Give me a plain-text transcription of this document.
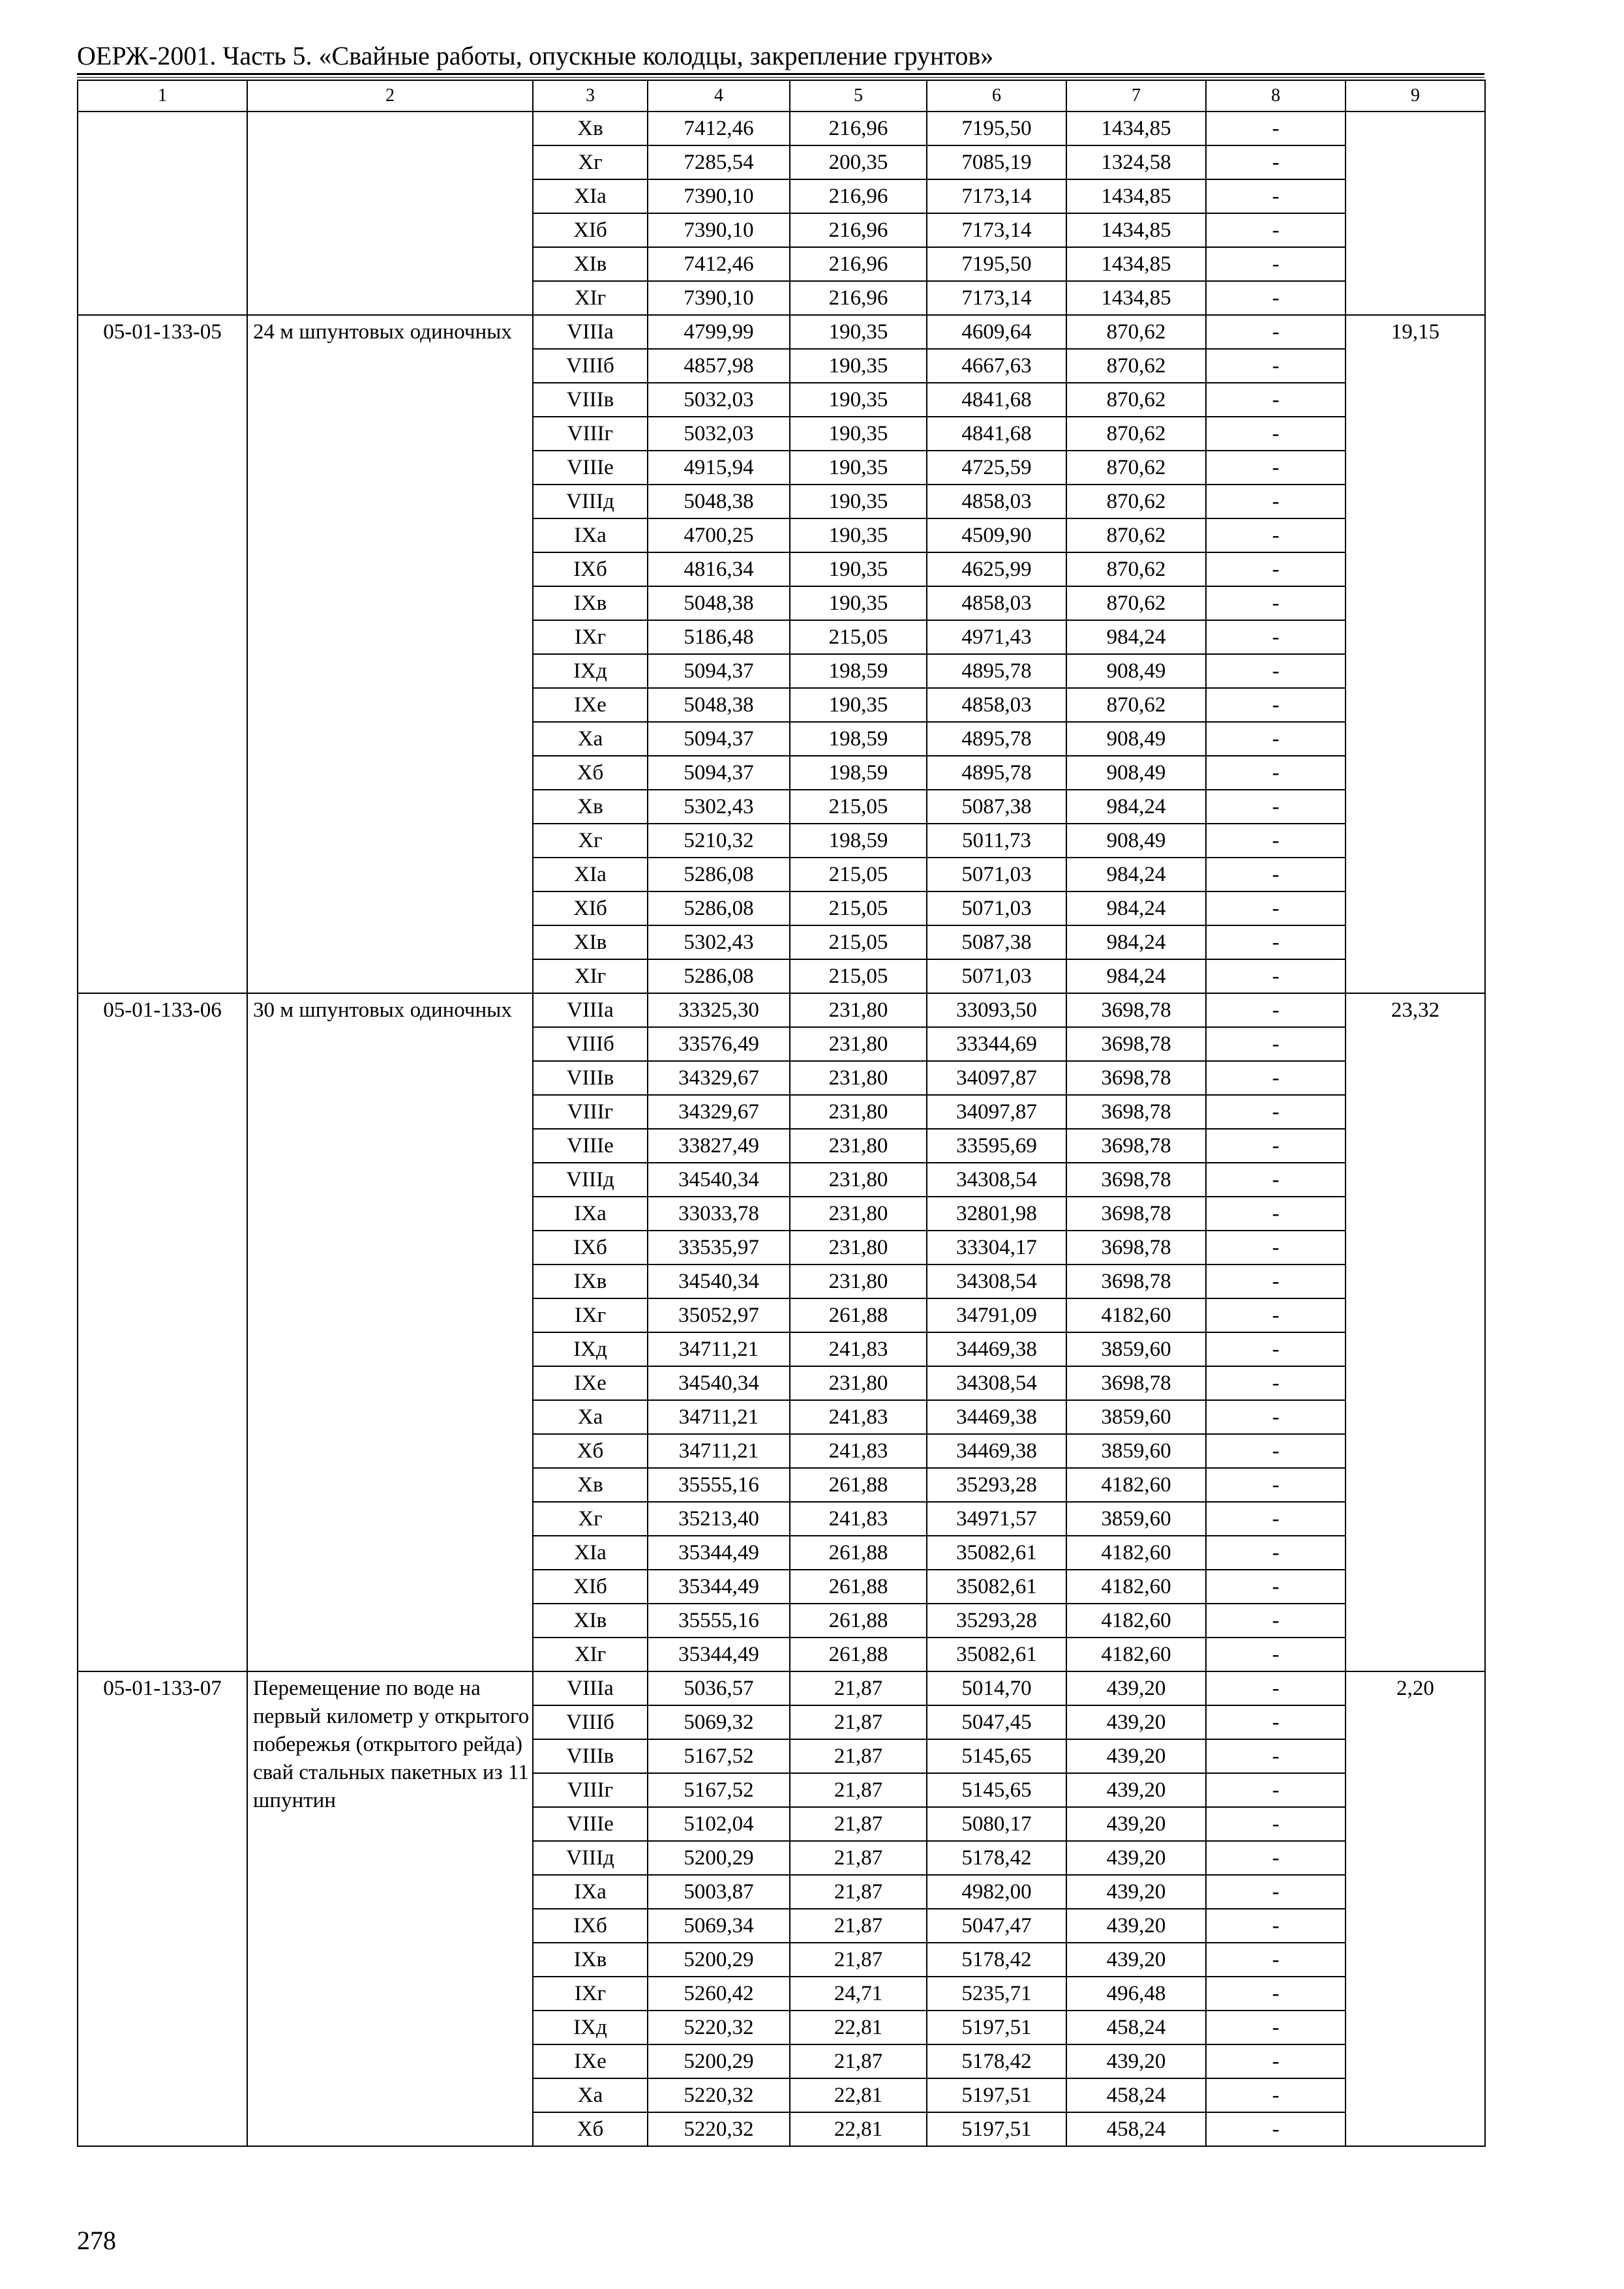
ОЕРЖ-2001. Часть 5. «Свайные работы, опускные колодцы, закрепление грунтов»
1	2	3	4	5	6	7	8	9
		Хв	7412,46	216,96	7195,50	1434,85	-	
		Хг	7285,54	200,35	7085,19	1324,58	-	
		XIа	7390,10	216,96	7173,14	1434,85	-	
		XIб	7390,10	216,96	7173,14	1434,85	-	
		XIв	7412,46	216,96	7195,50	1434,85	-	
		XIг	7390,10	216,96	7173,14	1434,85	-	
05-01-133-05	24 м шпунтовых одиночных	VIIIа	4799,99	190,35	4609,64	870,62	-	19,15
		VIIIб	4857,98	190,35	4667,63	870,62	-	
		VIIIв	5032,03	190,35	4841,68	870,62	-	
		VIIIг	5032,03	190,35	4841,68	870,62	-	
		VIIIе	4915,94	190,35	4725,59	870,62	-	
		VIIIд	5048,38	190,35	4858,03	870,62	-	
		IXа	4700,25	190,35	4509,90	870,62	-	
		IXб	4816,34	190,35	4625,99	870,62	-	
		IXв	5048,38	190,35	4858,03	870,62	-	
		IXг	5186,48	215,05	4971,43	984,24	-	
		IXд	5094,37	198,59	4895,78	908,49	-	
		IXе	5048,38	190,35	4858,03	870,62	-	
		Ха	5094,37	198,59	4895,78	908,49	-	
		Хб	5094,37	198,59	4895,78	908,49	-	
		Хв	5302,43	215,05	5087,38	984,24	-	
		Хг	5210,32	198,59	5011,73	908,49	-	
		XIа	5286,08	215,05	5071,03	984,24	-	
		XIб	5286,08	215,05	5071,03	984,24	-	
		XIв	5302,43	215,05	5087,38	984,24	-	
		XIг	5286,08	215,05	5071,03	984,24	-	
05-01-133-06	30 м шпунтовых одиночных	VIIIа	33325,30	231,80	33093,50	3698,78	-	23,32
		VIIIб	33576,49	231,80	33344,69	3698,78	-	
		VIIIв	34329,67	231,80	34097,87	3698,78	-	
		VIIIг	34329,67	231,80	34097,87	3698,78	-	
		VIIIе	33827,49	231,80	33595,69	3698,78	-	
		VIIIд	34540,34	231,80	34308,54	3698,78	-	
		IXа	33033,78	231,80	32801,98	3698,78	-	
		IXб	33535,97	231,80	33304,17	3698,78	-	
		IXв	34540,34	231,80	34308,54	3698,78	-	
		IXг	35052,97	261,88	34791,09	4182,60	-	
		IXд	34711,21	241,83	34469,38	3859,60	-	
		IXе	34540,34	231,80	34308,54	3698,78	-	
		Ха	34711,21	241,83	34469,38	3859,60	-	
		Хб	34711,21	241,83	34469,38	3859,60	-	
		Хв	35555,16	261,88	35293,28	4182,60	-	
		Хг	35213,40	241,83	34971,57	3859,60	-	
		XIа	35344,49	261,88	35082,61	4182,60	-	
		XIб	35344,49	261,88	35082,61	4182,60	-	
		XIв	35555,16	261,88	35293,28	4182,60	-	
		XIг	35344,49	261,88	35082,61	4182,60	-	
05-01-133-07	Перемещение по воде на первый километр у открытого побережья (открытого рейда) свай стальных пакетных из 11 шпунтин	VIIIа	5036,57	21,87	5014,70	439,20	-	2,20
		VIIIб	5069,32	21,87	5047,45	439,20	-	
		VIIIв	5167,52	21,87	5145,65	439,20	-	
		VIIIг	5167,52	21,87	5145,65	439,20	-	
		VIIIе	5102,04	21,87	5080,17	439,20	-	
		VIIIд	5200,29	21,87	5178,42	439,20	-	
		IXа	5003,87	21,87	4982,00	439,20	-	
		IXб	5069,34	21,87	5047,47	439,20	-	
		IXв	5200,29	21,87	5178,42	439,20	-	
		IXг	5260,42	24,71	5235,71	496,48	-	
		IXд	5220,32	22,81	5197,51	458,24	-	
		IXе	5200,29	21,87	5178,42	439,20	-	
		Ха	5220,32	22,81	5197,51	458,24	-	
		Хб	5220,32	22,81	5197,51	458,24	-	
278
